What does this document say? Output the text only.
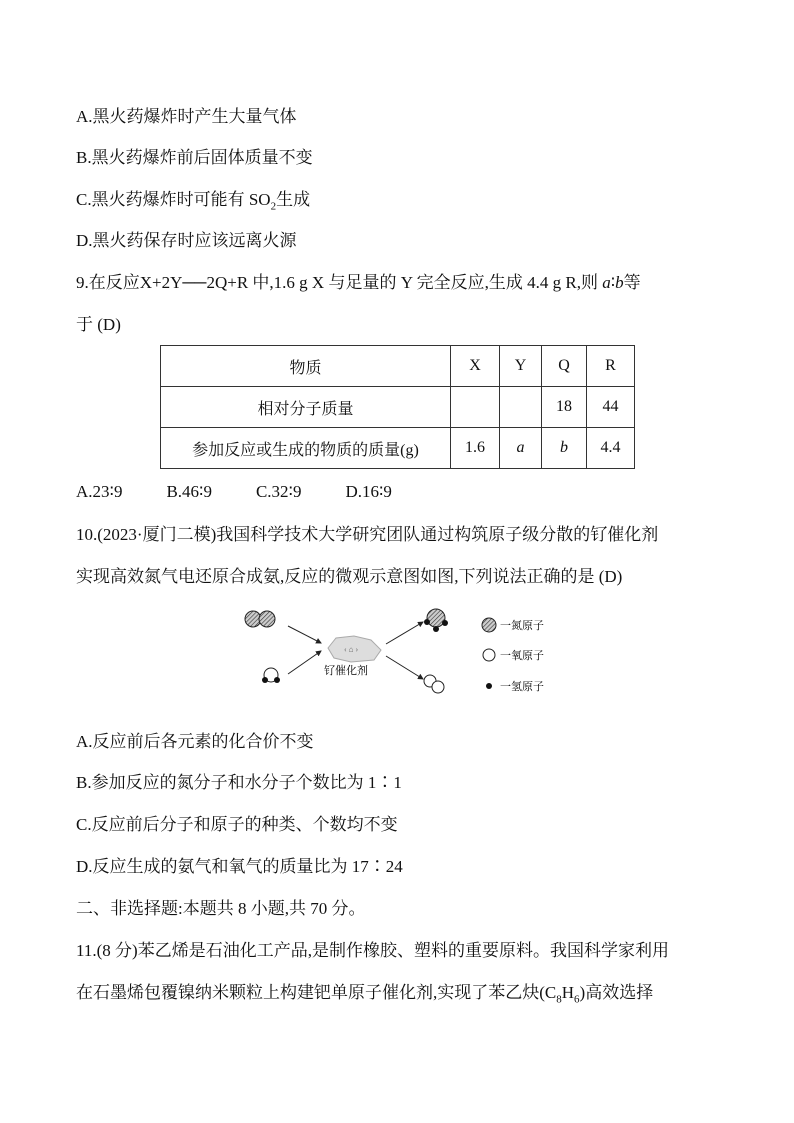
A.黑火药爆炸时产生大量气体
B.黑火药爆炸前后固体质量不变
C.黑火药爆炸时可能有 $SO_2$生成
D.黑火药保存时应该远离火源
9.在反应X+2Y──2Q+R 中,1.6 g X 与足量的 Y 完全反应,生成 4.4 g R,则 a∶b等
于 (D)
物质	X	Y	Q	R
相对分子质量			18	44
参加反应或生成的物质的质量(g)	1.6	a	b	4.4
A.23∶9	B.46∶9	C.32∶9	D.16∶9
10.(2023·厦门二模)我国科学技术大学研究团队通过构筑原子级分散的钌催化剂
实现高效氮气电还原合成氨,反应的微观示意图如图,下列说法正确的是 (D)
‹ ⌂ ›
钌催化剂
一氮原子
一氧原子
一氢原子
A.反应前后各元素的化合价不变
B.参加反应的氮分子和水分子个数比为 1∶1
C.反应前后分子和原子的种类、个数均不变
D.反应生成的氨气和氧气的质量比为 17∶24
二、非选择题:本题共 8 小题,共 70 分。
11.(8 分)苯乙烯是石油化工产品,是制作橡胶、塑料的重要原料。我国科学家利用
在石墨烯包覆镍纳米颗粒上构建钯单原子催化剂,实现了苯乙炔$(C_8H_6)$高效选择
